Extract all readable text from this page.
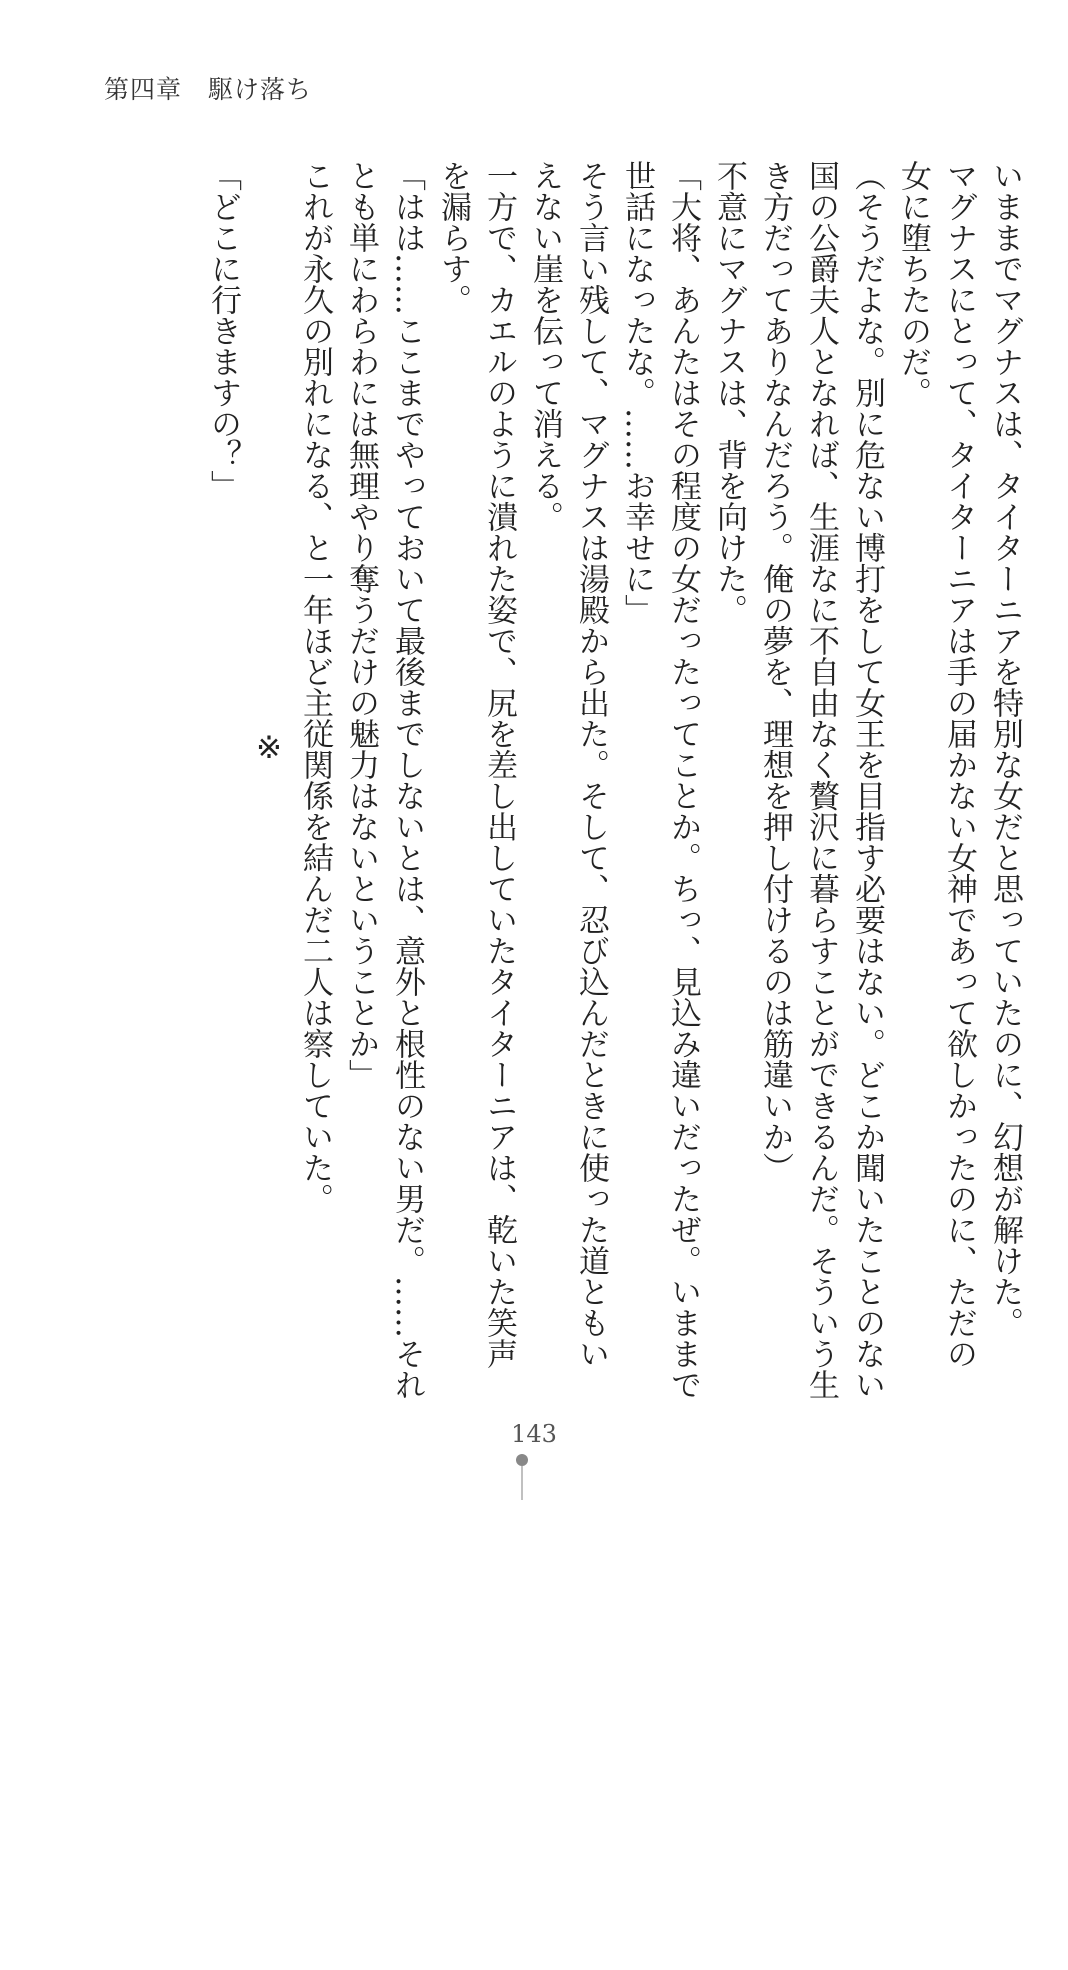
第四章　駆け落ち

いままでマグナスは、タイターニアを特別な女だと思っていたのに、幻想が解けた。

マグナスにとって、タイターニアは手の届かない女神であって欲しかったのに、ただの

女に堕ちたのだ。

（そうだよな。別に危ない博打をして女王を目指す必要はない。どこか聞いたことのない

国の公爵夫人となれば、生涯なに不自由なく贅沢に暮らすことができるんだ。そういう生

き方だってありなんだろう。俺の夢を、理想を押し付けるのは筋違いか）

不意にマグナスは、背を向けた。

「大将、あんたはその程度の女だったってことか。ちっ、見込み違いだったぜ。いままで

世話になったな。……お幸せに」

そう言い残して、マグナスは湯殿から出た。そして、忍び込んだときに使った道ともい

えない崖を伝って消える。

一方で、カエルのように潰れた姿で、尻を差し出していたタイターニアは、乾いた笑声

を漏らす。

「はは……ここまでやっておいて最後までしないとは、意外と根性のない男だ。……それ

とも単にわらわには無理やり奪うだけの魅力はないということか」

これが永久の別れになる、と一年ほど主従関係を結んだ二人は察していた。

※

「どこに行きますの？」

143
